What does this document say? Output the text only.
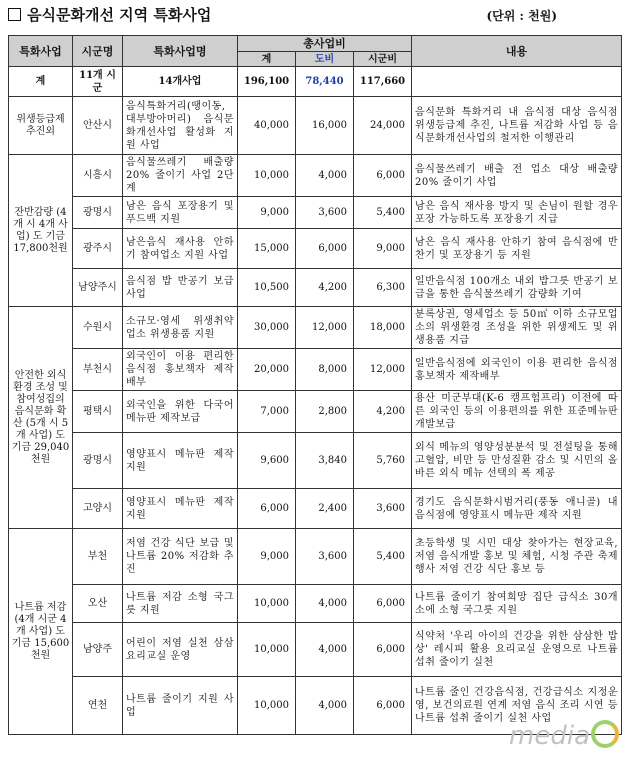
음식문화개선 지역 특화사업	(단위 : 천원)
특화사업	시군명	특화사업명	총사업비			내용
			계	도비	시군비	
계	11개 시군	14개사업	196,100	78,440	117,660	
위생등급제 추진외	안산시	음식특화거리(땡이동, 대부방아머리) 음식문화개선사업 활성화 지원 사업	40,000	16,000	24,000	음식문화 특화거리 내 음식점 대상 음식점 위생등급제 추진, 나트륨 저감화 사업 등 음식문화개선사업의 철저한 이행관리
잔반감량 (4개 시 4개 사업) 도 기금 17,800천원	시흥시	음식물쓰레기 배출량 20% 줄이기 사업 2단계	10,000	4,000	6,000	음식물쓰레기 배출 전 업소 대상 배출량 20% 줄이기 사업
	광명시	남은 음식 포장용기 및 푸드백 지원	9,000	3,600	5,400	남은 음식 재사용 방지 및 손님이 원할 경우 포장 가능하도록 포장용기 지급
	광주시	남은음식 재사용 안하기 참여업소 지원 사업	15,000	6,000	9,000	남은 음식 재사용 안하기 참여 음식점에 반찬기 및 포장용기 등 지원
	남양주시	음식점 밥 반공기 보급사업	10,500	4,200	6,300	일반음식점 100개소 내외 밥그릇 반공기 보급을 통한 음식물쓰레기 감량화 기여
안전한 외식 환경 조성 및 참여성집의 음식문화 확산 (5개 시 5개 사업) 도 기금 29,040천원	수원시	소규모·영세 위생취약업소 위생용품 지원	30,000	12,000	18,000	분록상권, 영세업소 등 50㎡ 이하 소규모업소의 위생환경 조성을 위한 위생제도 및 위생용품 지급
	부천시	외국인이 이용 편리한 음식점 홍보책자 제작배부	20,000	8,000	12,000	일반음식점에 외국인이 이용 편리한 음식점 홍보책자 제작배부
	평택시	외국인을 위한 다국어 메뉴판 제작보급	7,000	2,800	4,200	용산 미군부대(K-6 캠프험프리) 이전에 따른 외국인 등의 이용편의를 위한 표준메뉴판 개발보급
	광명시	영양표시 메뉴판 제작 지원	9,600	3,840	5,760	외식 메뉴의 영양성분분석 및 전설팅을 통해 고혈압, 비만 등 만성질환 감소 및 시민의 올바른 외식 메뉴 선택의 폭 제공
	고양시	영양표시 메뉴판 제작 지원	6,000	2,400	3,600	경기도 음식문화시범거리(풍동 애니골) 내 음식점에 영양표시 메뉴판 제작 지원
나트륨 저감 (4개 시군 4개 사업) 도 기금 15,600천원	부천	저염 건강 식단 보급 및 나트륨 20% 저감화 추진	9,000	3,600	5,400	초등학생 및 시민 대상 찾아가는 현장교육, 저염 음식개발 홍보 및 체험, 시청 주관 축제행사 저염 건강 식단 홍보 등
	오산	나트륨 저감 소형 국그릇 지원	10,000	4,000	6,000	나트륨 줄이기 참여희망 집단 급식소 30개소에 소형 국그릇 지원
	남양주	어린이 저염 실천 삼삼 요리교실 운영	10,000	4,000	6,000	식약처 '우리 아이의 건강을 위한 삼삼한 밥상' 레시피 활용 요리교실 운영으로 나트륨 섭취 줄이기 실천
	연천	나트륨 줄이기 지원 사업	10,000	4,000	6,000	나트륨 줄인 건강음식점, 건강급식소 지정운영, 보건의료원 연계 저염 음식 조리 시연 등 나트륨 섭취 줄이기 실천 사업
media
